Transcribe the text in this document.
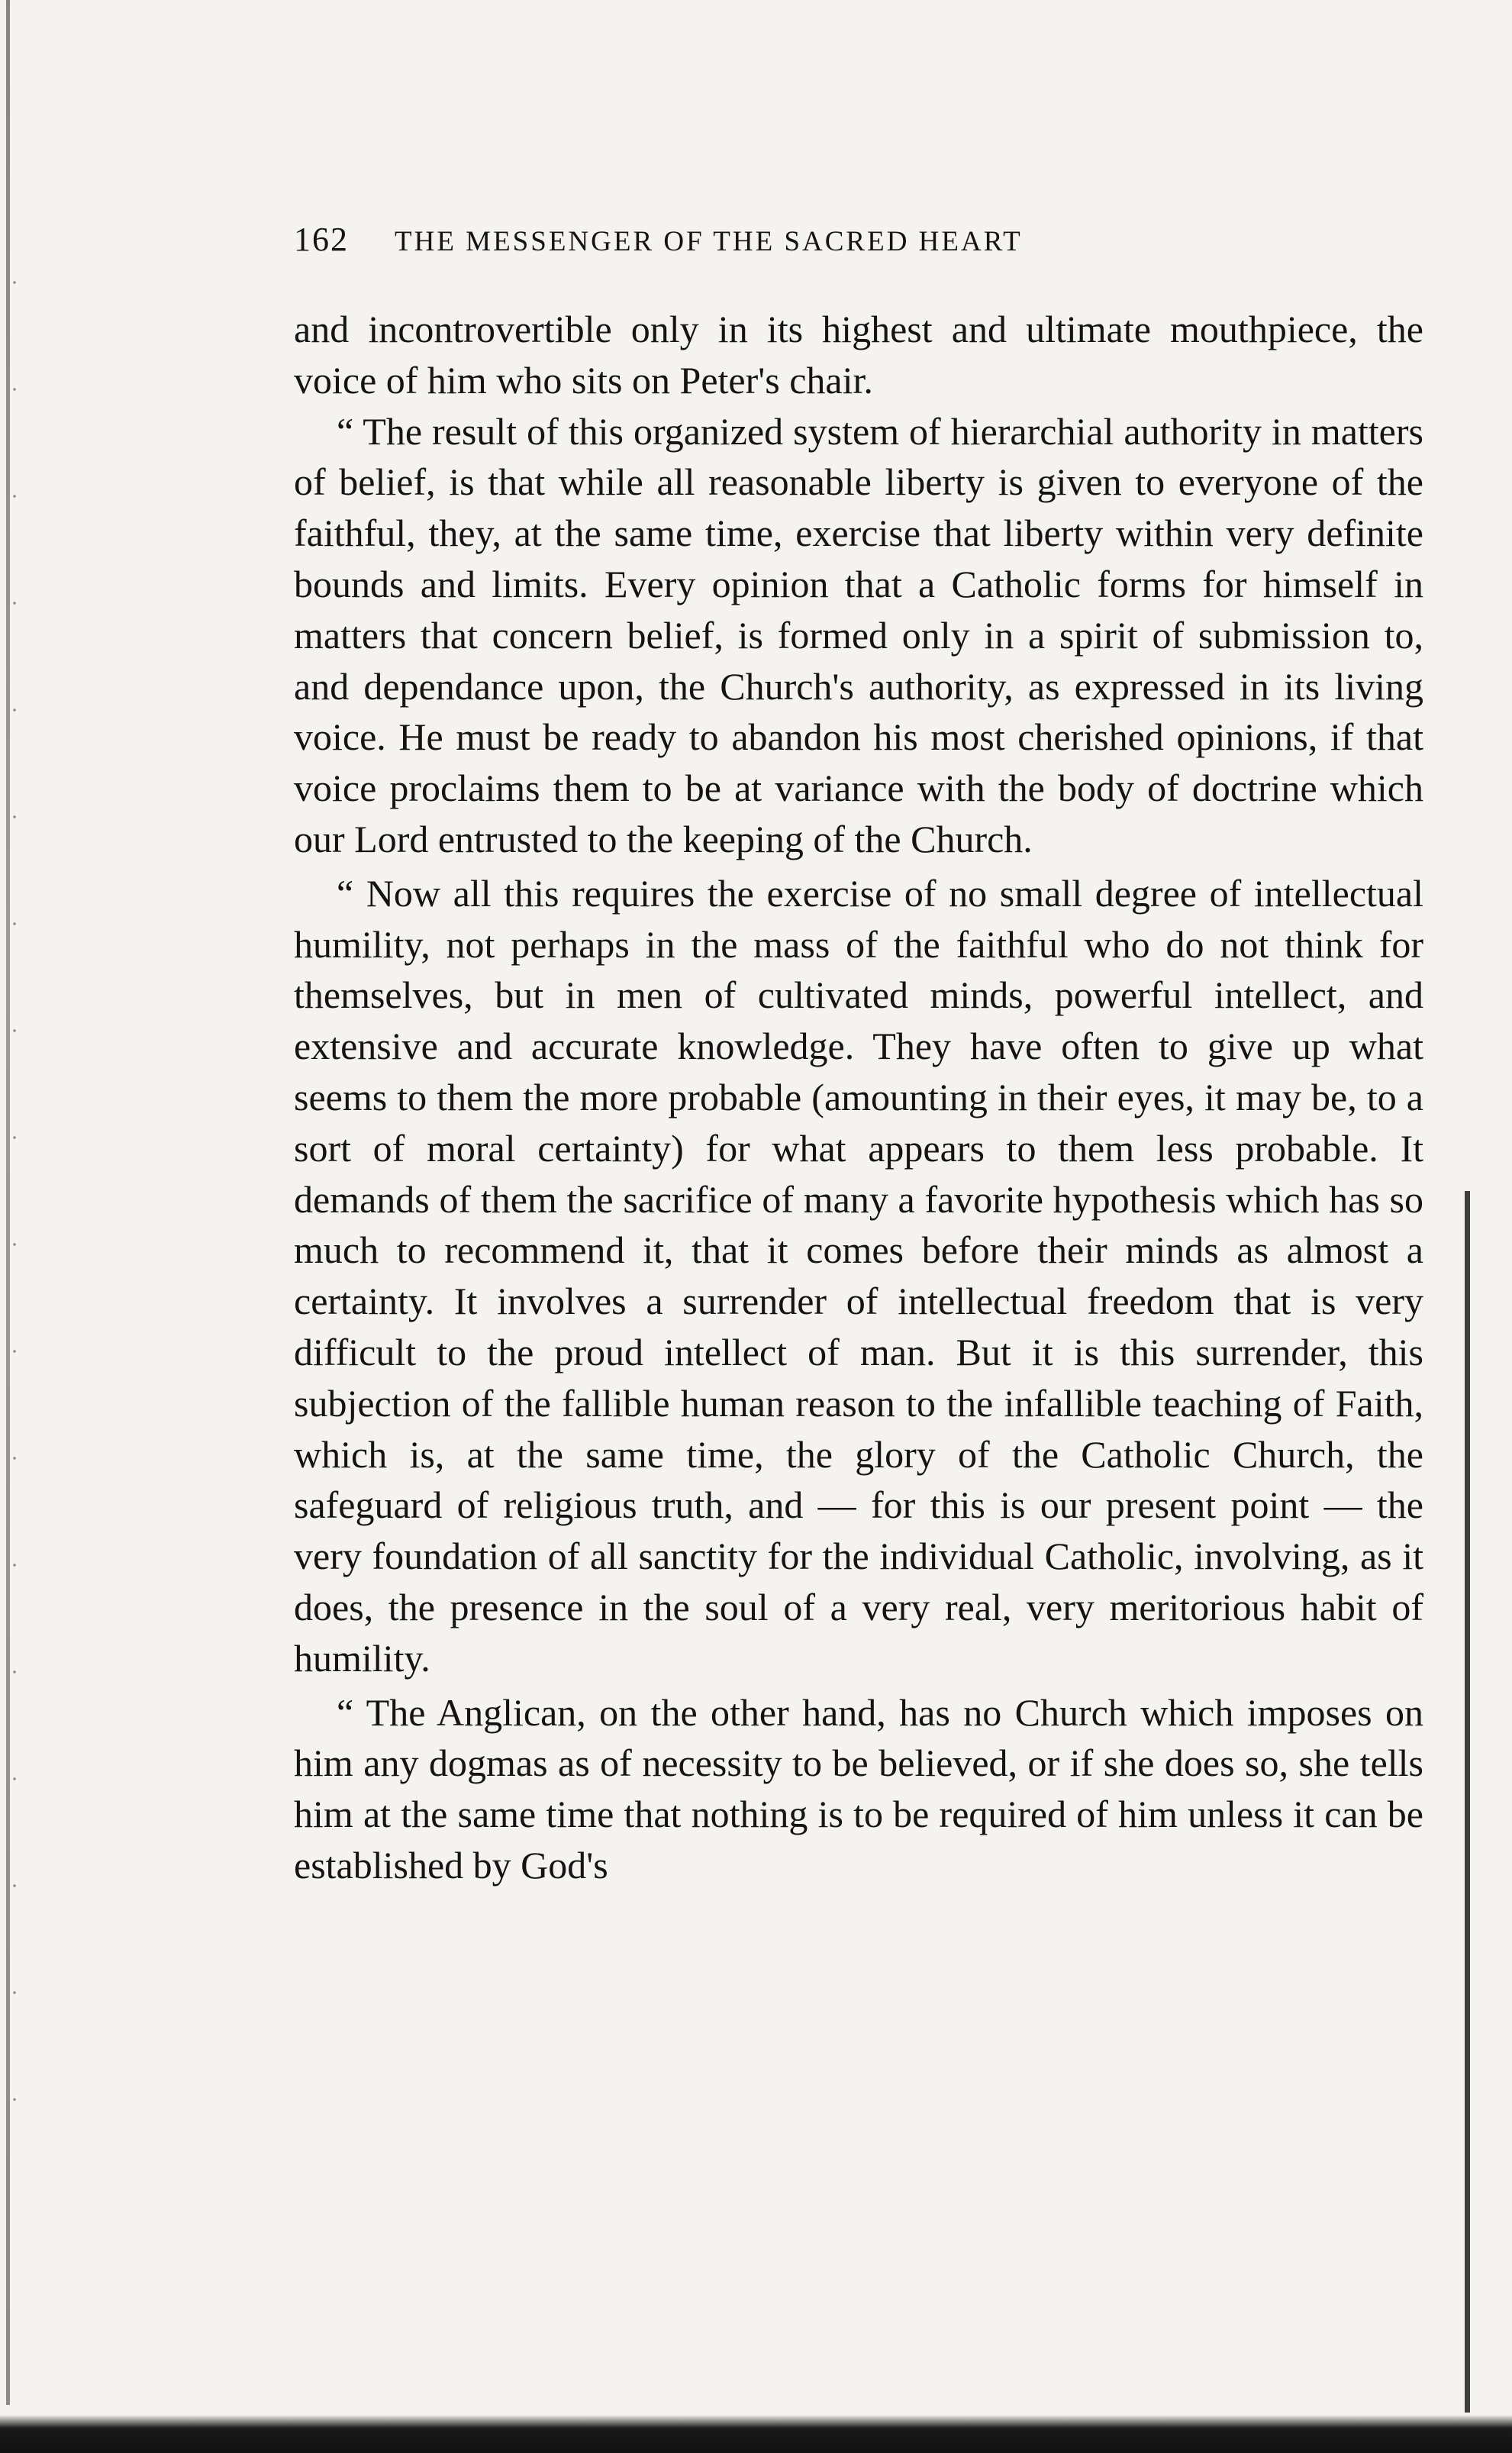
162 THE MESSENGER OF THE SACRED HEART

and incontrovertible only in its highest and ultimate mouthpiece, the voice of him who sits on Peter's chair.

“ The result of this organized system of hierarchial authority in matters of belief, is that while all reasonable liberty is given to everyone of the faithful, they, at the same time, exercise that liberty within very definite bounds and limits. Every opinion that a Catholic forms for himself in matters that concern belief, is formed only in a spirit of submission to, and dependance upon, the Church's authority, as expressed in its living voice. He must be ready to abandon his most cherished opinions, if that voice proclaims them to be at variance with the body of doctrine which our Lord entrusted to the keeping of the Church.

“ Now all this requires the exercise of no small degree of intellectual humility, not perhaps in the mass of the faithful who do not think for themselves, but in men of cultivated minds, powerful intellect, and extensive and accurate knowledge. They have often to give up what seems to them the more probable (amounting in their eyes, it may be, to a sort of moral certainty) for what appears to them less probable. It demands of them the sacrifice of many a favorite hypothesis which has so much to recommend it, that it comes before their minds as almost a certainty. It involves a surrender of intellectual freedom that is very difficult to the proud intellect of man. But it is this surrender, this subjection of the fallible human reason to the infallible teaching of Faith, which is, at the same time, the glory of the Catholic Church, the safeguard of religious truth, and — for this is our present point — the very foundation of all sanctity for the individual Catholic, involving, as it does, the presence in the soul of a very real, very meritorious habit of humility.

“ The Anglican, on the other hand, has no Church which imposes on him any dogmas as of necessity to be believed, or if she does so, she tells him at the same time that nothing is to be required of him unless it can be established by God's
